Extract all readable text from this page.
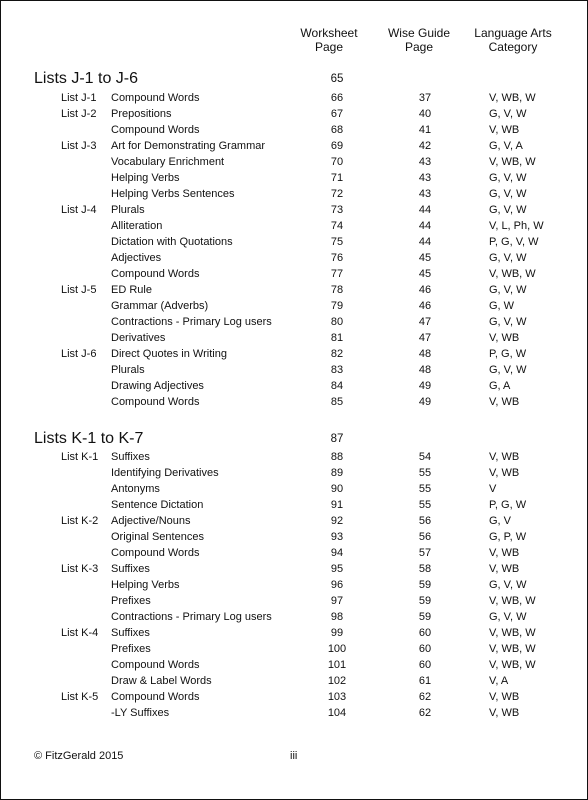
Worksheet
Page
Wise Guide
Page
Language Arts
Category
Lists J-1 to J-6	65
List J-1 Compound Words	66	37	V, WB, W
List J-2 Prepositions	67	40	G, V, W
Compound Words	68	41	V, WB
List J-3 Art for Demonstrating Grammar	69	42	G, V, A
Vocabulary Enrichment	70	43	V, WB, W
Helping Verbs	71	43	G, V, W
Helping Verbs Sentences	72	43	G, V, W
List J-4 Plurals	73	44	G, V, W
Alliteration	74	44	V, L, Ph, W
Dictation with Quotations	75	44	P, G, V, W
Adjectives	76	45	G, V, W
Compound Words	77	45	V, WB, W
List J-5 ED Rule	78	46	G, V, W
Grammar (Adverbs)	79	46	G, W
Contractions - Primary Log users	80	47	G, V, W
Derivatives	81	47	V, WB
List J-6 Direct Quotes in Writing	82	48	P, G, W
Plurals	83	48	G, V, W
Drawing Adjectives	84	49	G, A
Compound Words	85	49	V, WB
Lists K-1 to K-7	87
List K-1 Suffixes	88	54	V, WB
Identifying Derivatives	89	55	V, WB
Antonyms	90	55	V
Sentence Dictation	91	55	P, G, W
List K-2 Adjective/Nouns	92	56	G, V
Original Sentences	93	56	G, P, W
Compound Words	94	57	V, WB
List K-3 Suffixes	95	58	V, WB
Helping Verbs	96	59	G, V, W
Prefixes	97	59	V, WB, W
Contractions - Primary Log users	98	59	G, V, W
List K-4 Suffixes	99	60	V, WB, W
Prefixes	100	60	V, WB, W
Compound Words	101	60	V, WB, W
Draw & Label Words	102	61	V, A
List K-5 Compound Words	103	62	V, WB
-LY Suffixes	104	62	V, WB
© FitzGerald 2015	iii
